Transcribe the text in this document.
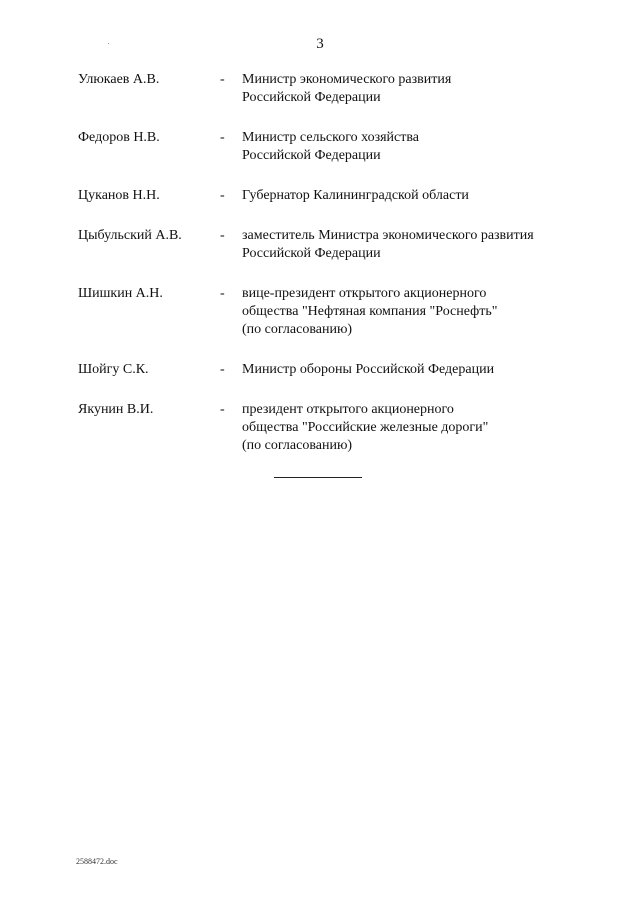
3
Улюкаев А.В.	-	Министр экономического развития
Российской Федерации
Федоров Н.В.	-	Министр сельского хозяйства
Российской Федерации
Цуканов Н.Н.	-	Губернатор Калининградской области
Цыбульский А.В.	-	заместитель Министра экономического развития
Российской Федерации
Шишкин А.Н.	-	вице-президент открытого акционерного
общества "Нефтяная компания "Роснефть"
(по согласованию)
Шойгу С.К.	-	Министр обороны Российской Федерации
Якунин В.И.	-	президент открытого акционерного
общества "Российские железные дороги"
(по согласованию)
2588472.doc
